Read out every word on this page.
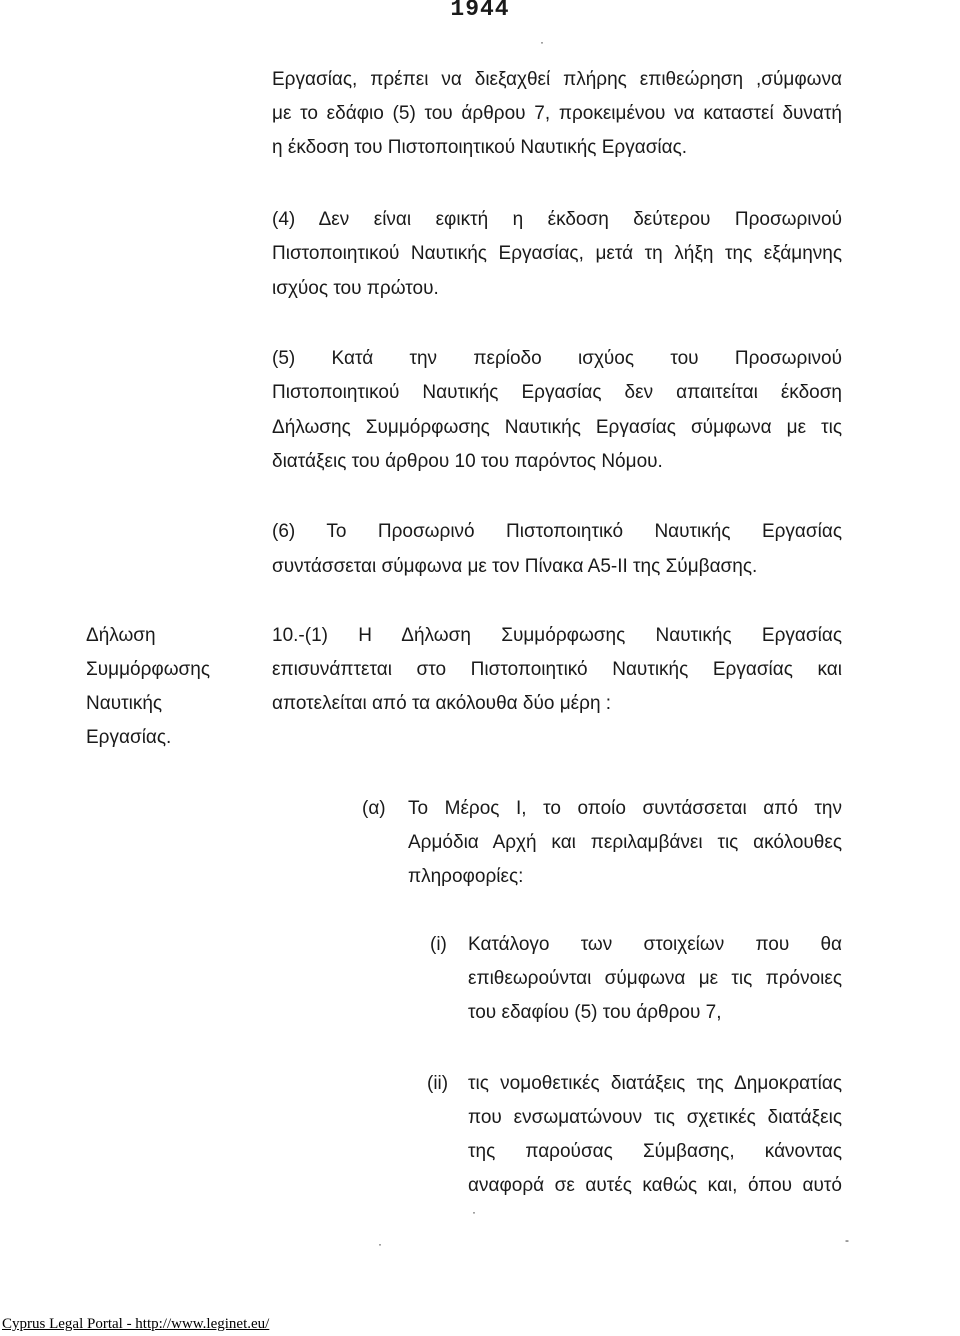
1944
Εργασίας, πρέπει να διεξαχθεί πλήρης επιθεώρηση ,σύμφωνα
με το εδάφιο (5) του άρθρου 7, προκειμένου να καταστεί δυνατή
η έκδοση του Πιστοποιητικού Ναυτικής Εργασίας.
(4) Δεν είναι εφικτή η έκδοση δεύτερου Προσωρινού
Πιστοποιητικού Ναυτικής Εργασίας, μετά τη λήξη της εξάμηνης
ισχύος του πρώτου.
(5) Κατά την περίοδο ισχύος του Προσωρινού
Πιστοποιητικού Ναυτικής Εργασίας δεν απαιτείται έκδοση
Δήλωσης Συμμόρφωσης Ναυτικής Εργασίας σύμφωνα με τις
διατάξεις του άρθρου 10 του παρόντος Νόμου.
(6) Το Προσωρινό Πιστοποιητικό Ναυτικής Εργασίας
συντάσσεται σύμφωνα με τον Πίνακα Α5-ΙΙ της Σύμβασης.
Δήλωση
Συμμόρφωσης
Ναυτικής
Εργασίας.
10.-(1) Η Δήλωση Συμμόρφωσης Ναυτικής Εργασίας
επισυνάπτεται στο Πιστοποιητικό Ναυτικής Εργασίας και
αποτελείται από τα ακόλουθα δύο μέρη :
(α) Το Μέρος Ι, το οποίο συντάσσεται από την
Αρμόδια Αρχή και περιλαμβάνει τις ακόλουθες
πληροφορίες:
(i) Κατάλογο των στοιχείων που θα
επιθεωρούνται σύμφωνα με τις πρόνοιες
του εδαφίου (5) του άρθρου 7,
(ii) τις νομοθετικές διατάξεις της Δημοκρατίας
που ενσωματώνουν τις σχετικές διατάξεις
της παρούσας Σύμβασης, κάνοντας
αναφορά σε αυτές καθώς και, όπου αυτό
·
·
·	-
Cyprus Legal Portal - http://www.leginet.eu/
